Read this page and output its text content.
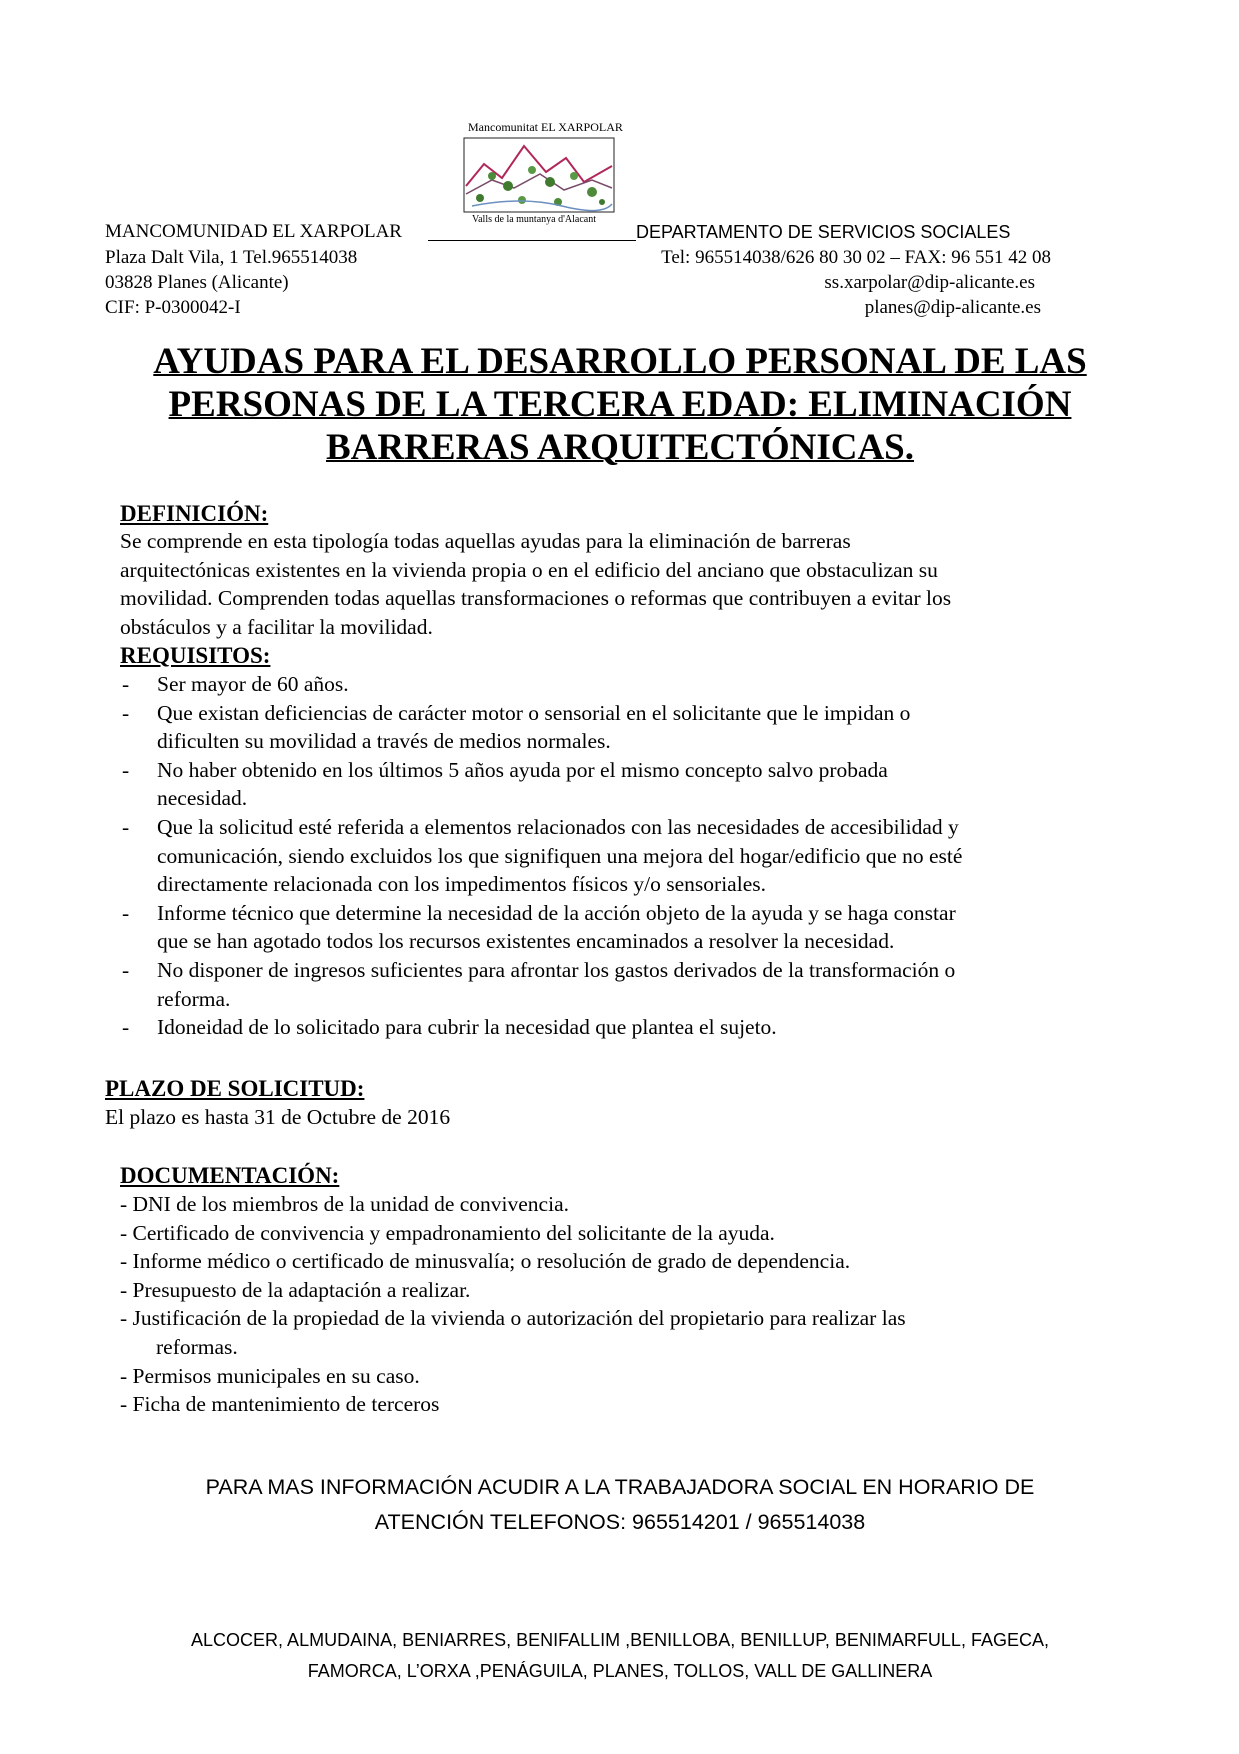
Mancomunitat EL XARPOLAR
Valls de la muntanya d'Alacant
MANCOMUNIDAD EL XARPOLAR	DEPARTAMENTO DE SERVICIOS SOCIALES
Plaza Dalt Vila, 1 Tel.965514038
03828 Planes (Alicante)
CIF: P-0300042-I
Tel: 965514038/626 80 30 02 – FAX: 96 551 42 08
ss.xarpolar@dip-alicante.es
planes@dip-alicante.es
AYUDAS PARA EL DESARROLLO PERSONAL DE LAS
PERSONAS DE LA TERCERA EDAD: ELIMINACIÓN
BARRERAS ARQUITECTÓNICAS.
DEFINICIÓN:
Se comprende en esta tipología todas aquellas ayudas para la eliminación de barreras
arquitectónicas existentes en la vivienda propia o en el edificio del anciano que obstaculizan su
movilidad. Comprenden todas aquellas transformaciones o reformas que contribuyen a evitar los
obstáculos y a facilitar la movilidad.
REQUISITOS:
- Ser mayor de 60 años.
- Que existan deficiencias de carácter motor o sensorial en el solicitante que le impidan o
dificulten su movilidad a través de medios normales.
- No haber obtenido en los últimos 5 años ayuda por el mismo concepto salvo probada
necesidad.
- Que la solicitud esté referida a elementos relacionados con las necesidades de accesibilidad y
comunicación, siendo excluidos los que signifiquen una mejora del hogar/edificio que no esté
directamente relacionada con los impedimentos físicos y/o sensoriales.
- Informe técnico que determine la necesidad de la acción objeto de la ayuda y se haga constar
que se han agotado todos los recursos existentes encaminados a resolver la necesidad.
- No disponer de ingresos suficientes para afrontar los gastos derivados de la transformación o
reforma.
- Idoneidad de lo solicitado para cubrir la necesidad que plantea el sujeto.
PLAZO DE SOLICITUD:
El plazo es hasta 31 de Octubre de 2016
DOCUMENTACIÓN:
- DNI de los miembros de la unidad de convivencia.
- Certificado de convivencia y empadronamiento del solicitante de la ayuda.
- Informe médico o certificado de minusvalía; o resolución de grado de dependencia.
- Presupuesto de la adaptación a realizar.
- Justificación de la propiedad de la vivienda o autorización del propietario para realizar las
reformas.
- Permisos municipales en su caso.
- Ficha de mantenimiento de terceros
PARA MAS INFORMACIÓN ACUDIR A LA TRABAJADORA SOCIAL EN HORARIO DE
ATENCIÓN TELEFONOS: 965514201 / 965514038
ALCOCER, ALMUDAINA, BENIARRES, BENIFALLIM ,BENILLOBA, BENILLUP, BENIMARFULL, FAGECA,
FAMORCA, L’ORXA ,PENÁGUILA, PLANES, TOLLOS, VALL DE GALLINERA
